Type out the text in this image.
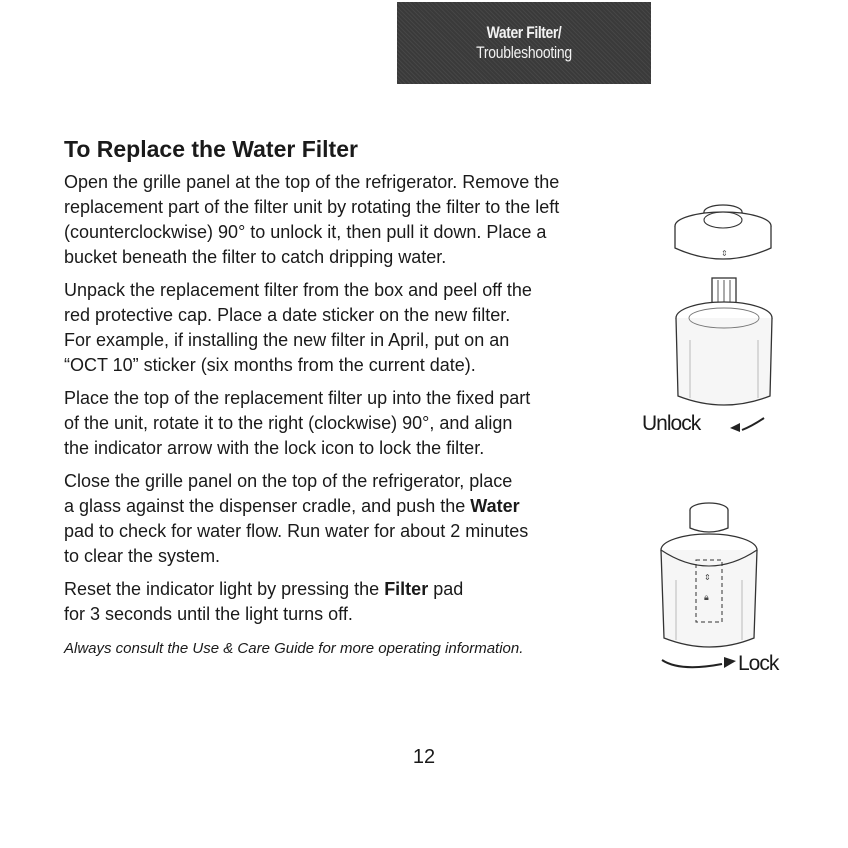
Water Filter/
Troubleshooting
To Replace the Water Filter

Open the grille panel at the top of the refrigerator. Remove the
replacement part of the filter unit by rotating the filter to the left
(counterclockwise) 90° to unlock it, then pull it down. Place a
bucket beneath the filter to catch dripping water.

Unpack the replacement filter from the box and peel off the
red protective cap. Place a date sticker on the new filter.
For example, if installing the new filter in April, put on an
“OCT 10” sticker (six months from the current date).

Place the top of the replacement filter up into the fixed part
of the unit, rotate it to the right (clockwise) 90°, and align
the indicator arrow with the lock icon to lock the filter.

Close the grille panel on the top of the refrigerator, place
a glass against the dispenser cradle, and push the Water
pad to check for water flow. Run water for about 2 minutes
to clear the system.

Reset the indicator light by pressing the Filter pad
for 3 seconds until the light turns off.

Always consult the Use & Care Guide for more operating information.

⇕
Unlock
⇕
🔒︎
Lock
12
